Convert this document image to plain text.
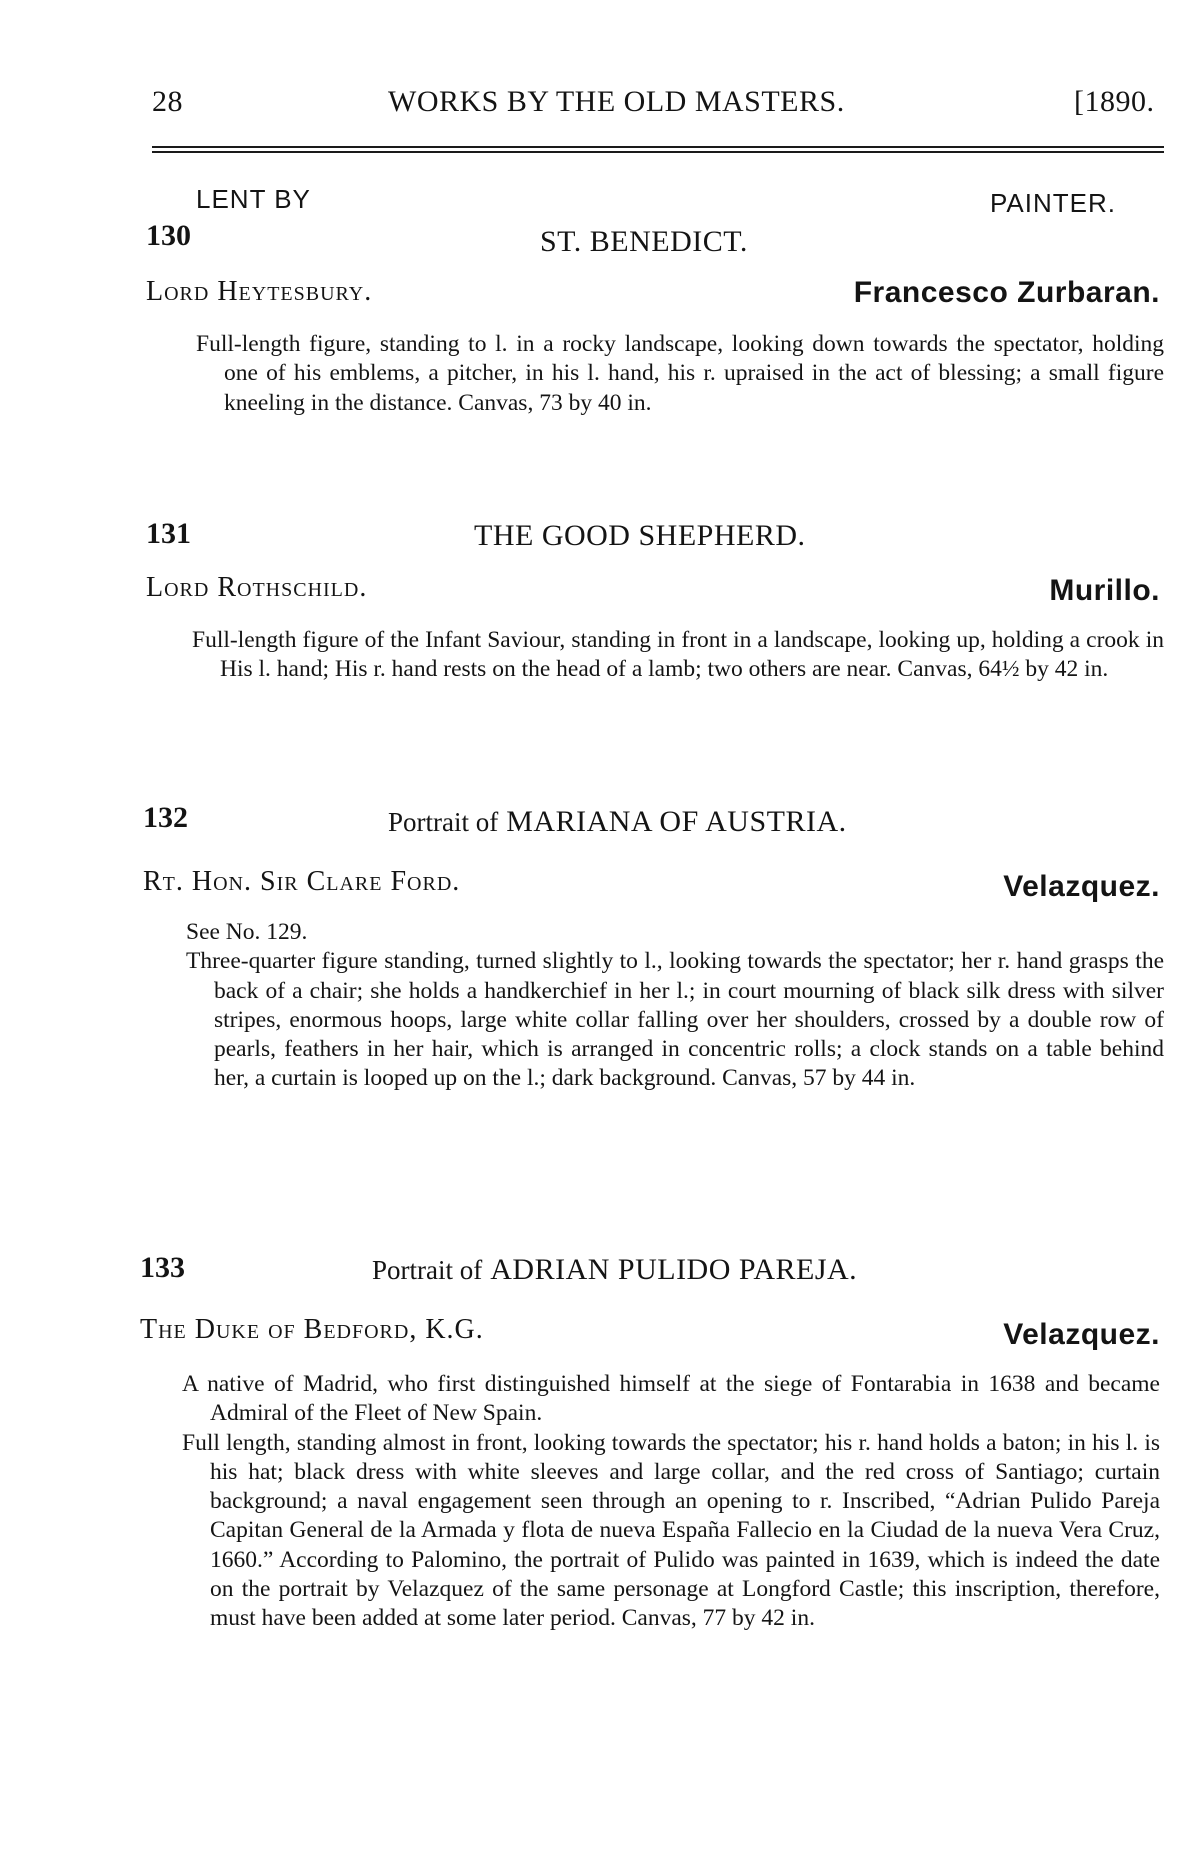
28	WORKS BY THE OLD MASTERS.	[1890.
LENT BY	PAINTER.
130	ST. BENEDICT.
Lord Heytesbury.	Francesco Zurbaran.

Full-length figure, standing to l. in a rocky landscape, looking down towards the spectator, holding one of his emblems, a pitcher, in his l. hand, his r. upraised in the act of blessing; a small figure kneeling in the distance. Canvas, 73 by 40 in.

131	THE GOOD SHEPHERD.
Lord Rothschild.	Murillo.

Full-length figure of the Infant Saviour, standing in front in a landscape, looking up, holding a crook in His l. hand; His r. hand rests on the head of a lamb; two others are near. Canvas, 64½ by 42 in.

132	Portrait of MARIANA OF AUSTRIA.
Rt. Hon. Sir Clare Ford.	Velazquez.

See No. 129.

Three-quarter figure standing, turned slightly to l., looking towards the spectator; her r. hand grasps the back of a chair; she holds a handkerchief in her l.; in court mourning of black silk dress with silver stripes, enormous hoops, large white collar falling over her shoulders, crossed by a double row of pearls, feathers in her hair, which is arranged in concentric rolls; a clock stands on a table behind her, a curtain is looped up on the l.; dark background. Canvas, 57 by 44 in.

133	Portrait of ADRIAN PULIDO PAREJA.
The Duke of Bedford, K.G.	Velazquez.

A native of Madrid, who first distinguished himself at the siege of Fontarabia in 1638 and became Admiral of the Fleet of New Spain.

Full length, standing almost in front, looking towards the spectator; his r. hand holds a baton; in his l. is his hat; black dress with white sleeves and large collar, and the red cross of Santiago; curtain background; a naval engagement seen through an opening to r. Inscribed, “Adrian Pulido Pareja Capitan General de la Armada y flota de nueva España Fallecio en la Ciudad de la nueva Vera Cruz, 1660.” According to Palomino, the portrait of Pulido was painted in 1639, which is indeed the date on the portrait by Velazquez of the same personage at Longford Castle; this inscription, therefore, must have been added at some later period. Canvas, 77 by 42 in.
